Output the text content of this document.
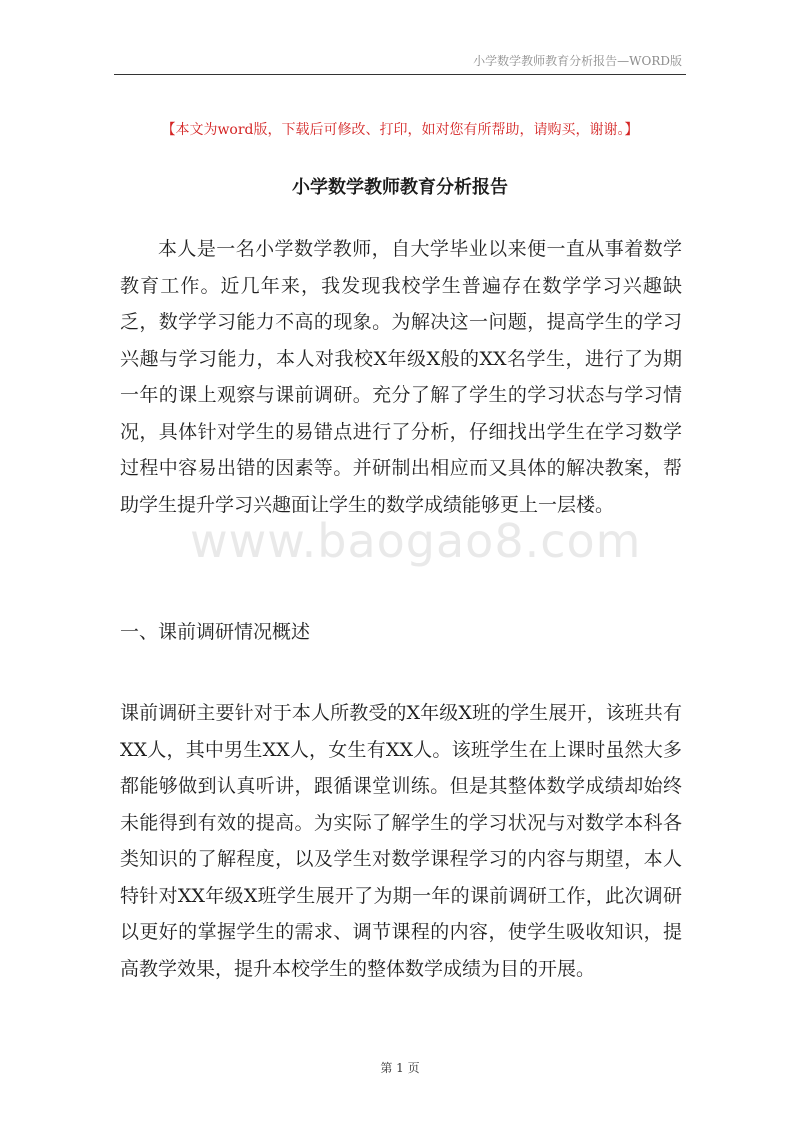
小学数学教师教育分析报告—WORD版
【本文为word版，下载后可修改、打印，如对您有所帮助，请购买，谢谢。】
小学数学教师教育分析报告

本人是一名小学数学教师，自大学毕业以来便一直从事着数学教育工作。近几年来，我发现我校学生普遍存在数学学习兴趣缺乏，数学学习能力不高的现象。为解决这一问题，提高学生的学习兴趣与学习能力，本人对我校X年级X般的XX名学生，进行了为期一年的课上观察与课前调研。充分了解了学生的学习状态与学习情况，具体针对学生的易错点进行了分析，仔细找出学生在学习数学过程中容易出错的因素等。并研制出相应而又具体的解决教案，帮助学生提升学习兴趣面让学生的数学成绩能够更上一层楼。

www.baogao8.com

一、课前调研情况概述

课前调研主要针对于本人所教受的X年级X班的学生展开，该班共有XX人，其中男生XX人，女生有XX人。该班学生在上课时虽然大多都能够做到认真听讲，跟循课堂训练。但是其整体数学成绩却始终未能得到有效的提高。为实际了解学生的学习状况与对数学本科各类知识的了解程度，以及学生对数学课程学习的内容与期望，本人特针对XX年级X班学生展开了为期一年的课前调研工作，此次调研以更好的掌握学生的需求、调节课程的内容，使学生吸收知识，提高教学效果，提升本校学生的整体数学成绩为目的开展。

第 1 页
